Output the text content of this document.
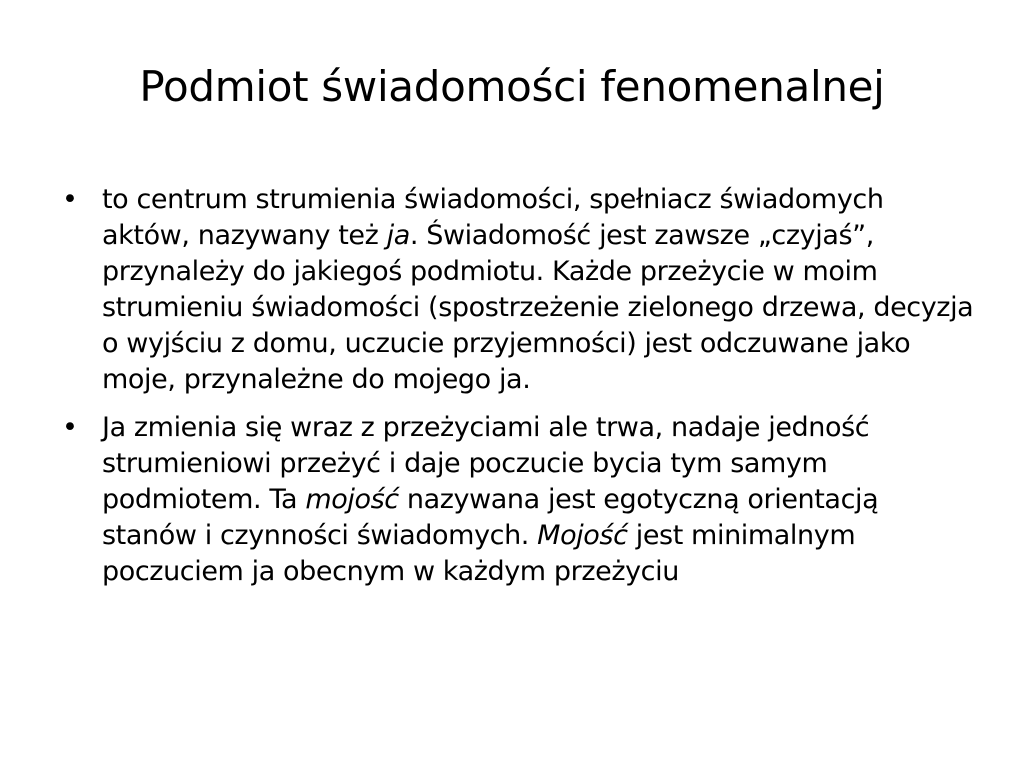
Podmiot świadomości fenomenalnej
• to centrum strumienia świadomości, spełniacz świadomych aktów, nazywany też ja. Świadomość jest zawsze „czyjaś”, przynależy do jakiegoś podmiotu. Każde przeżycie w moim strumieniu świadomości (spostrzeżenie zielonego drzewa, decyzja o wyjściu z domu, uczucie przyjemności) jest odczuwane jako moje, przynależne do mojego ja.
• Ja zmienia się wraz z przeżyciami ale trwa, nadaje jedność strumieniowi przeżyć i daje poczucie bycia tym samym podmiotem. Ta mojość nazywana jest egotyczną orientacją stanów i czynności świadomych. Mojość jest minimalnym poczuciem ja obecnym w każdym przeżyciu
